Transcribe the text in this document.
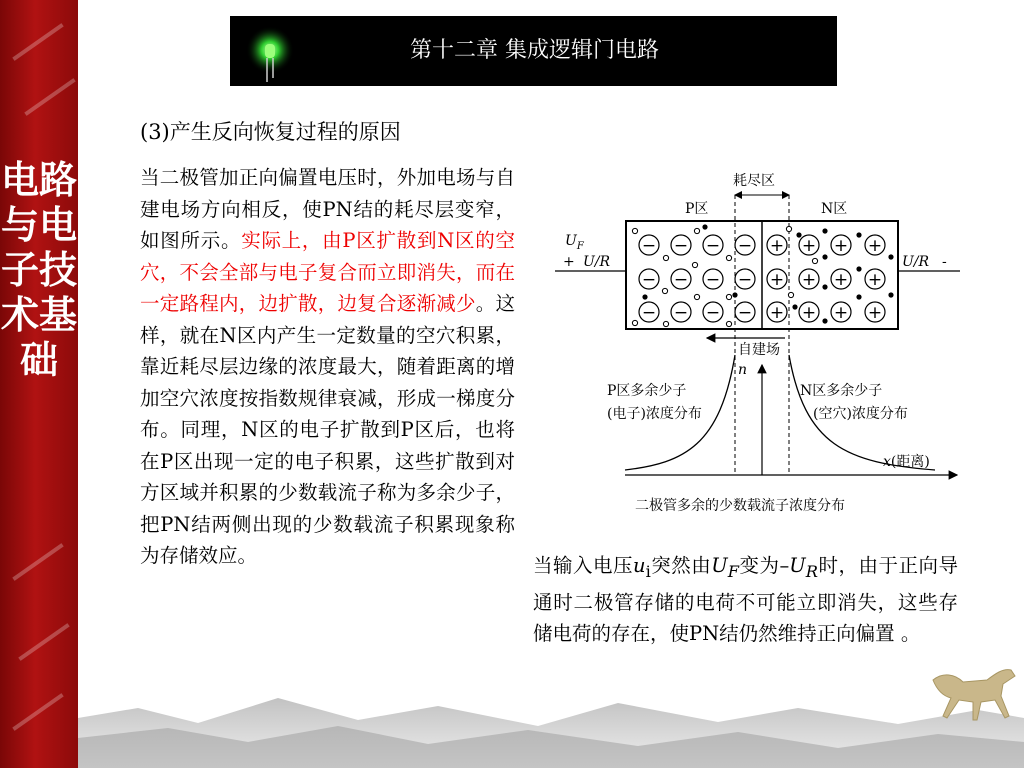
电路与电子技术基础
第十二章 集成逻辑门电路
(3)产生反向恢复过程的原因
当二极管加正向偏置电压时，外加电场与自建电场方向相反，使PN结的耗尽层变窄，如图所示。实际上，由P区扩散到N区的空穴，不会全部与电子复合而立即消失，而在一定路程内，边扩散，边复合逐渐减少。这样，就在N区内产生一定数量的空穴积累，靠近耗尽层边缘的浓度最大，随着距离的增加空穴浓度按指数规律衰减，形成一梯度分布。同理，N区的电子扩散到P区后，也将在P区出现一定的电子积累，这些扩散到对方区域并积累的少数载流子称为多余少子，把PN结两侧出现的少数载流子积累现象称为存储效应。
耗尽区
P区	N区
− − − − + + + +
− − − − + + + +
− − − − + + + +
$U_F$
+ U/R	U/R -
自建场
n
P区多余少子
(电子)浓度分布
N区多余少子
(空穴)浓度分布
x(距离)
二极管多余的少数载流子浓度分布
当输入电压$u_i$突然由$U_F$变为$-U_R$时，由于正向导通时二极管存储的电荷不可能立即消失，这些存储电荷的存在，使PN结仍然维持正向偏置 。
